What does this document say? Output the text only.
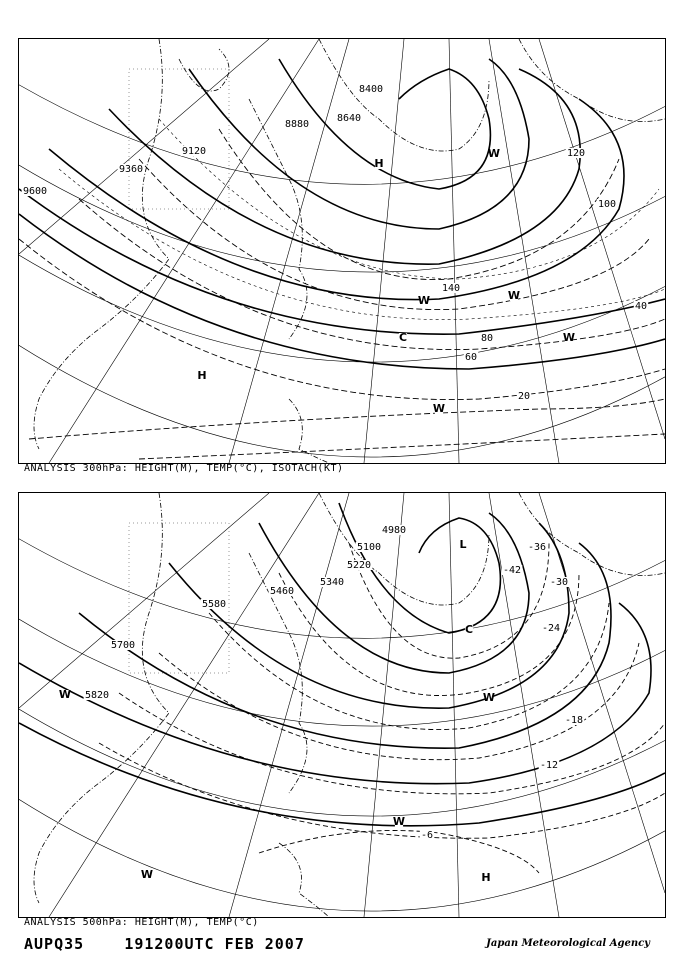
9600
9360
9120
8880
8640
8400
20
40
60
80
100
120
140
H
H
C
W	W
W
W
W
ANALYSIS 300hPa: HEIGHT(M), TEMP(°C), ISOTACH(KT)
5820
5700
5580
5460
5340
5220
5100
4980
-6
-12
-18
-24
-30
-36
-42
W
W
W	H
L
C
W
ANALYSIS 500hPa: HEIGHT(M), TEMP(°C)
AUPQ35	191200UTC FEB 2007	Japan Meteorological Agency
